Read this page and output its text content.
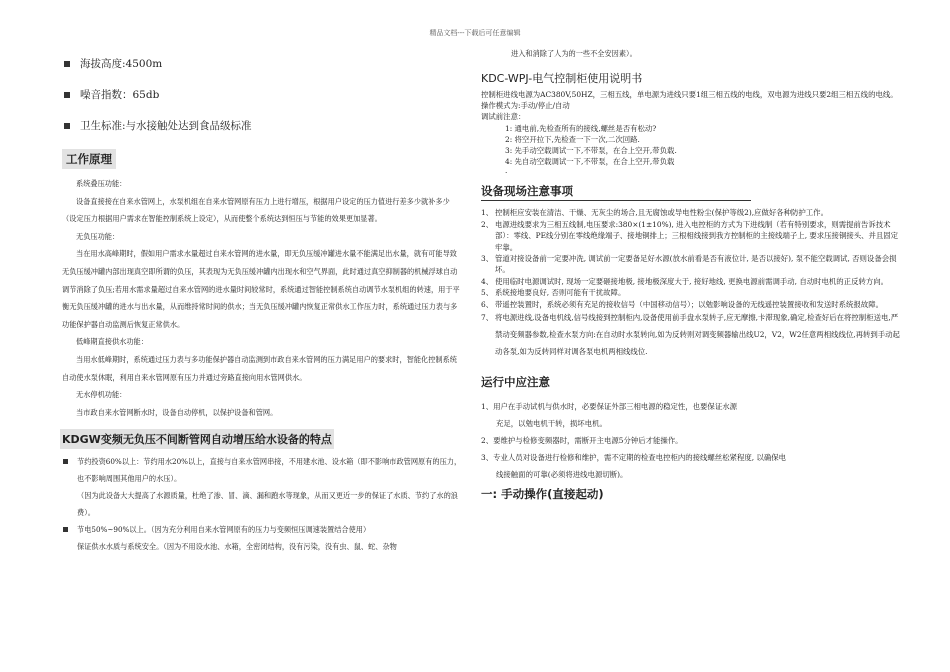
精品文档---下载后可任意编辑
海拔高度:4500m
噪音指数：65db
卫生标准:与水接触处达到食品级标准
工作原理
系统叠压功能：
设备直接接在自来水管网上，水泵机组在自来水管网原有压力上进行增压，根据用户设定的压力值进行差多少就补多少（设定压力根据用户需求在智能控制系统上设定），从而使整个系统达到恒压与节能的效果更加显著。
无负压功能：
当在用水高峰期时，假如用户需求水量超过自来水管网的进水量，即无负压缓冲罐进水量不能满足出水量，就有可能导致无负压缓冲罐内部出现真空即所谓的负压，其表现为无负压缓冲罐内出现水和空气界面，此时通过真空抑制器的机械浮球自动调节消除了负压;若用水需求量超过自来水管网的进水量时间较常时，系统通过智能控制系统自动调节水泵机组的转速，用于平衡无负压缓冲罐的进水与出水量，从而维持常时间的供水；当无负压缓冲罐内恢复正常供水工作压力时，系统通过压力表与多功能保护器自动监测后恢复正常供水。
低峰期直接供水功能：
当用水低峰期时，系统通过压力表与多功能保护器自动监测到市政自来水管网的压力满足用户的要求时，智能化控制系统自动使水泵休眠，利用自来水管网原有压力并通过旁路直接向用水管网供水。
无水停机功能：
当市政自来水管网断水时，设备自动停机，以保护设备和管网。
KDGW变频无负压不间断管网自动增压给水设备的特点
节约投资60%以上：节约用水20%以上，直接与自来水管网串接，不用建水池、设水箱（即不影响市政管网原有的压力，也不影响周围其他用户的水压）。
（因为此设备大大提高了水源质量，杜绝了渗、冒、滴、漏和跑水等现象，从而又更近一步的保证了水质、节约了水的浪费）。
节电50%~90%以上。（因为充分利用自来水管网原有的压力与变频恒压调速装置结合使用）
保证供水水质与系统安全。（因为不用设水池、水箱，全密闭结构，没有污染，没有虫、鼠、蛇、杂物
进入和消除了人为的一些不全安因素）。
KDC-WPJ-电气控制柜使用说明书
控制柜进线电源为AC380V,50HZ，三相五线，单电源为进线只要1组三相五线的电线，双电源为进线只要2组三相五线的电线。
操作模式为:手动/停止/自动
调试前注意：
1: 通电前,先检查所有的接线,螺丝是否有松动?
2: 将空开拉下,先检查一下一次,二次回路.
3: 先手动空载调试一下,不带泵，在合上空开,带负载.
4: 先自动空载调试一下,不带泵，在合上空开,带负载
.
设备现场注意事项
1、 控制柜应安装在清洁、干燥、无灰尘的场合,且无腐蚀或导电性粉尘(保护等级2),应做好各种防护工作。
2、 电源进线要求为三相五线制,电压要求:380×(1±10%), 进入电控柜的方式为下进线制（若有特别要求，则需提前告诉技术部）：零线、PE线分别在零线绝缘端子、接地铜排上；三根相线接到我方控制柜的主接线端子上, 要求压接铜接头、并且固定牢靠。
3、 管道对接设备前一定要冲洗, 调试前一定要备足好水源(放水前看是否有液位计, 是否以接好), 泵不能空载调试, 否则设备会损坏。
4、 使用临时电源调试时, 现场一定要砸接地极, 接地极深度大于, 接好地线, 更换电源前需调手动, 自动时电机的正反转方向。
5、 系统接地要良好, 否则可能有干扰故障。
6、 带遥控装置时，系统必须有充足的接收信号（中国移动信号）；以勉影响设备的无线遥控装置接收和发送时系统报故障。
7、 将电源进线,设备电机线,信号线接到控制柜内,设备使用前手盘水泵转子,应无摩擦,卡滞现象,确定,检查好后在将控制柜送电,严禁动变频器参数,检查水泵方向:在自动时水泵转向,如为反转则对调变频器输出线U2，V2，W2任意两相线线位,再转到手动起动各泵,如为反转同样对调各泵电机两相线线位.
运行中应注意
1、用户在手动试机与供水时，必要保证外部三相电源的稳定性，也要保证水源
充足，以勉电机干转，损坏电机。
2、要维护与检修变频器时，需断开主电源5分钟后才能操作。
3、专业人员对设备进行检修和维护，需不定期的检查电控柜内的接线螺丝松紧程度, 以确保电
线接触面的可靠(必须将进线电源切断)。
一: 手动操作(直接起动)
